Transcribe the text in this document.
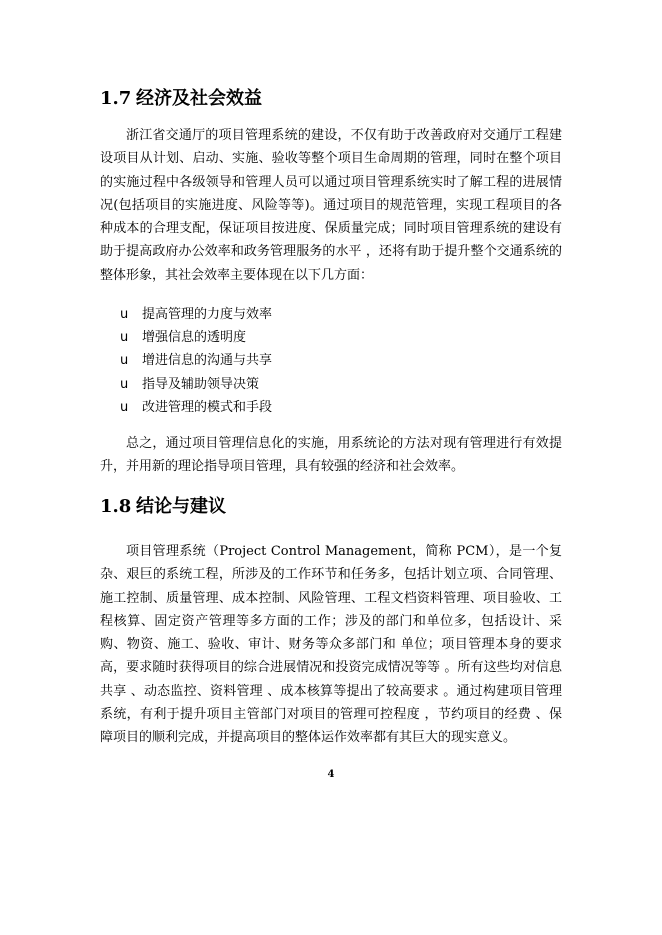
1.7 经济及社会效益

浙江省交通厅的项目管理系统的建设，不仅有助于改善政府对交通厅工程建设项目从计划、启动、实施、验收等整个项目生命周期的管理，同时在整个项目的实施过程中各级领导和管理人员可以通过项目管理系统实时了解工程的进展情况(包括项目的实施进度、风险等等)。通过项目的规范管理，实现工程项目的各种成本的合理支配，保证项目按进度、保质量完成；同时项目管理系统的建设有助于提高政府办公效率和政务管理服务的水平 ，还将有助于提升整个交通系统的整体形象，其社会效率主要体现在以下几方面：

u 提高管理的力度与效率
u 增强信息的透明度
u 增进信息的沟通与共享
u 指导及辅助领导决策
u 改进管理的模式和手段

总之，通过项目管理信息化的实施，用系统论的方法对现有管理进行有效提升，并用新的理论指导项目管理，具有较强的经济和社会效率。

1.8 结论与建议

项目管理系统（Project Control Management，简称 PCM），是一个复杂、艰巨的系统工程，所涉及的工作环节和任务多，包括计划立项、合同管理、施工控制、质量管理、成本控制、风险管理、工程文档资料管理、项目验收、工程核算、固定资产管理等多方面的工作；涉及的部门和单位多，包括设计、采购、物资、施工、验收、审计、财务等众多部门和 单位；项目管理本身的要求高，要求随时获得项目的综合进展情况和投资完成情况等等 。所有这些均对信息共享 、动态监控、资料管理 、成本核算等提出了较高要求 。通过构建项目管理系统，有利于提升项目主管部门对项目的管理可控程度 ，节约项目的经费 、保障项目的顺利完成，并提高项目的整体运作效率都有其巨大的现实意义。

4
